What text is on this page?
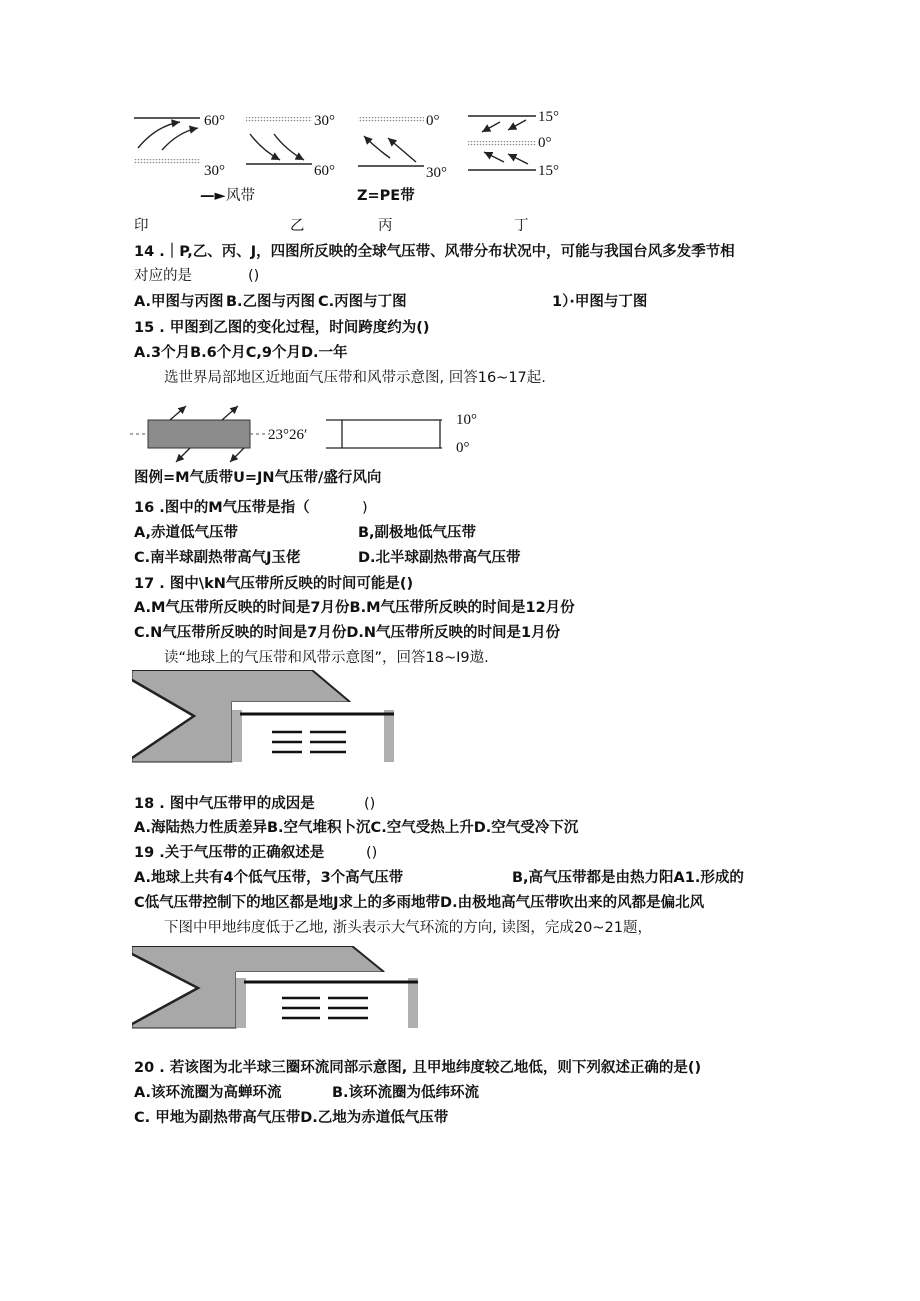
60°
30°
30°
60°
0°
30°
15°
0°
15°
—► 风带	Z=PE带
印	乙	丙	丁
14 .｜P,乙、丙、J，四图所反映的全球气压带、风带分布状况中，可能与我国台风多发季节相
对应的是	()
A.甲图与丙图 B.乙图与丙图 C.丙图与丁图	1）·甲图与丁图
15 . 甲图到乙图的变化过程，时间跨度约为()
A.3个月B.6个月C,9个月D.一年
选世界局部地区近地面气压带和风带示意图, 回答16~17起.
23°26′
10°
0°
图例=M气质带U=JN气压带/盛行风向
16 .图中的M气压带是指（	)
A,赤道低气压带	B,副极地低气压带
C.南半球副热带高气J玉佬	D.北半球副热带高气压带
17 . 图中\kN气压带所反映的时间可能是()
A.M气压带所反映的时间是7月份B.M气压带所反映的时间是12月份
C.N气压带所反映的时间是7月份D.N气压带所反映的时间是1月份
读“地球上的气压带和风带示意图”，回答18~I9遨.
18 . 图中气压带甲的成因是	()
A.海陆热力性质差异B.空气堆积卜沉C.空气受热上升D.空气受冷下沉
19 .关于气压带的正确叙述是	()
A.地球上共有4个低气压带，3个高气压带	B,高气压带都是由热力阳A1.形成的
C低气压带控制下的地区都是地J求上的多雨地带D.由极地高气压带吹出来的风都是偏北风
下图中甲地纬度低于乙地, 浙头表示大气环流的方向, 读图，完成20~21题，
20 . 若该图为北半球三圈环流同部示意图, 且甲地纬度较乙地低，则下列叙述正确的是()
A.该环流圈为高蝉环流	B.该环流圈为低纬环流
C. 甲地为副热带高气压带D.乙地为赤道低气压带
